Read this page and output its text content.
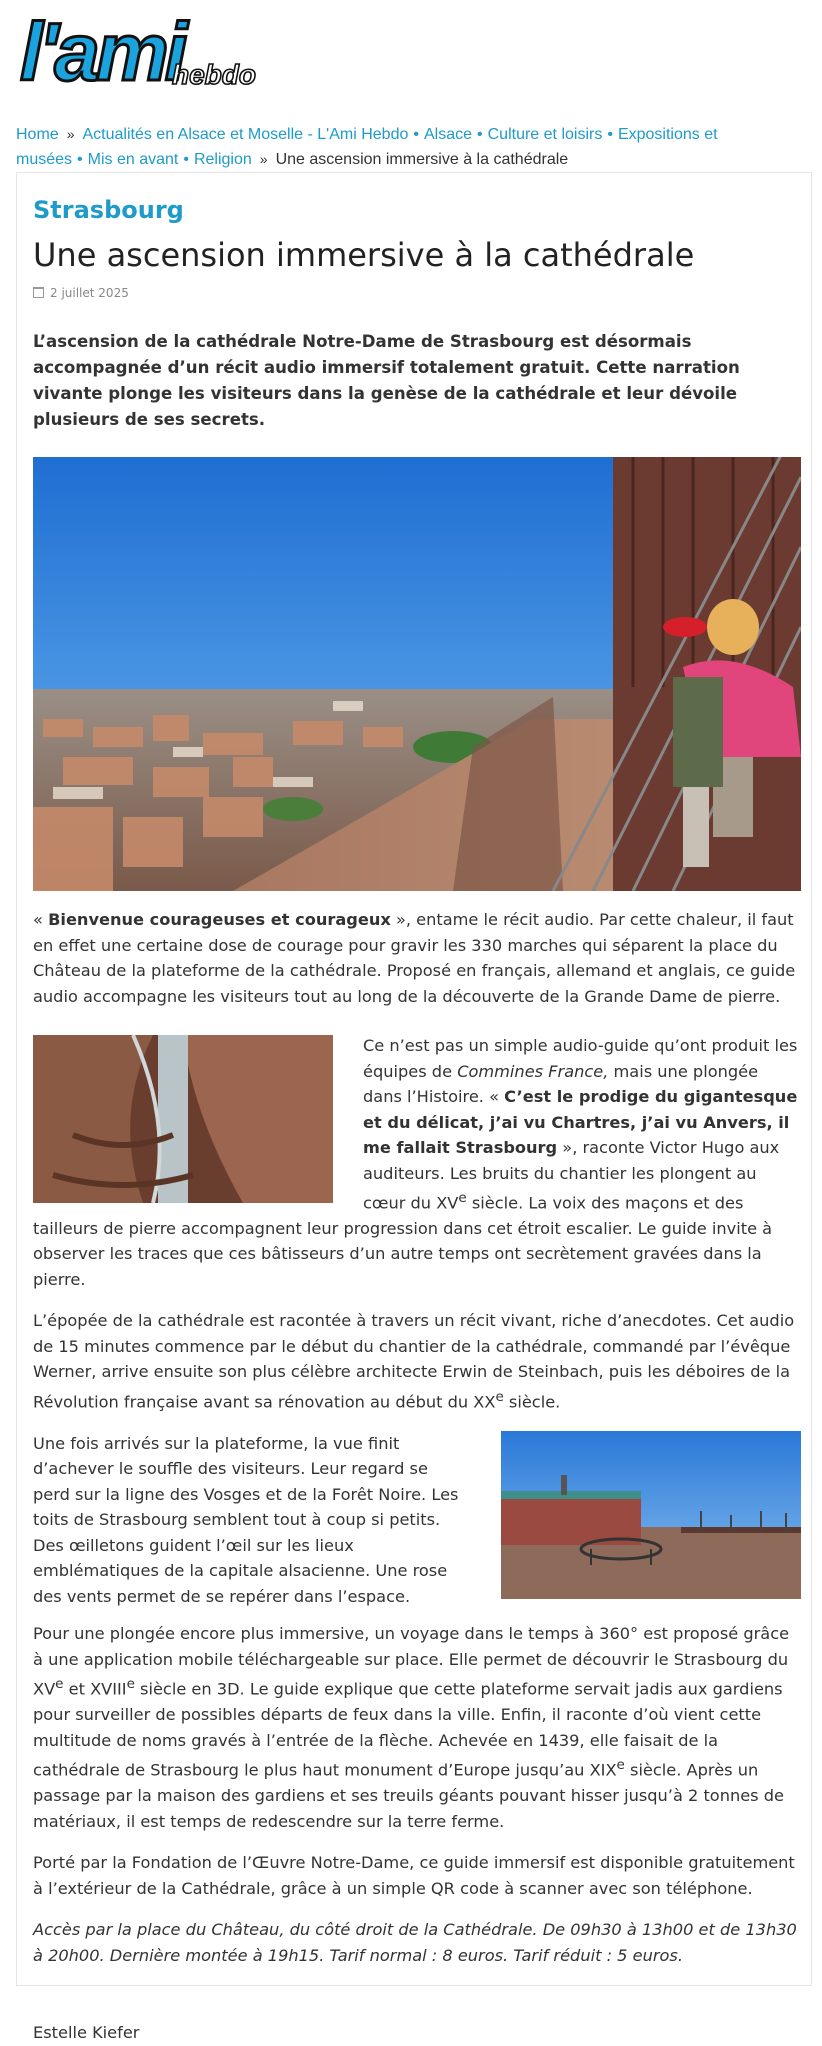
l'ami
hebdo
Home » Actualités en Alsace et Moselle - L'Ami Hebdo • Alsace • Culture et loisirs • Expositions et musées • Mis en avant • Religion » Une ascension immersive à la cathédrale
Strasbourg
Une ascension immersive à la cathédrale
2 juillet 2025

L’ascension de la cathédrale Notre-Dame de Strasbourg est désormais accompagnée d’un récit audio immersif totalement gratuit. Cette narration vivante plonge les visiteurs dans la genèse de la cathédrale et leur dévoile plusieurs de ses secrets.

« Bienvenue courageuses et courageux », entame le récit audio. Par cette chaleur, il faut en effet une certaine dose de courage pour gravir les 330 marches qui séparent la place du Château de la plateforme de la cathédrale. Proposé en français, allemand et anglais, ce guide audio accompagne les visiteurs tout au long de la découverte de la Grande Dame de pierre.

Ce n’est pas un simple audio-guide qu’ont produit les équipes de Commines France, mais une plongée dans l’Histoire. « C’est le prodige du gigantesque et du délicat, j’ai vu Chartres, j’ai vu Anvers, il me fallait Strasbourg », raconte Victor Hugo aux auditeurs. Les bruits du chantier les plongent au cœur du XVe siècle. La voix des maçons et des tailleurs de pierre accompagnent leur progression dans cet étroit escalier. Le guide invite à observer les traces que ces bâtisseurs d’un autre temps ont secrètement gravées dans la pierre.

L’épopée de la cathédrale est racontée à travers un récit vivant, riche d’anecdotes. Cet audio de 15 minutes commence par le début du chantier de la cathédrale, commandé par l’évêque Werner, arrive ensuite son plus célèbre architecte Erwin de Steinbach, puis les déboires de la Révolution française avant sa rénovation au début du XXe siècle.

Une fois arrivés sur la plateforme, la vue finit d’achever le souffle des visiteurs. Leur regard se perd sur la ligne des Vosges et de la Forêt Noire. Les toits de Strasbourg semblent tout à coup si petits. Des œilletons guident l’œil sur les lieux emblématiques de la capitale alsacienne. Une rose des vents permet de se repérer dans l’espace.

Pour une plongée encore plus immersive, un voyage dans le temps à 360° est proposé grâce à une application mobile téléchargeable sur place. Elle permet de découvrir le Strasbourg du XVe et XVIIIe siècle en 3D. Le guide explique que cette plateforme servait jadis aux gardiens pour surveiller de possibles départs de feux dans la ville. Enfin, il raconte d’où vient cette multitude de noms gravés à l’entrée de la flèche. Achevée en 1439, elle faisait de la cathédrale de Strasbourg le plus haut monument d’Europe jusqu’au XIXe siècle. Après un passage par la maison des gardiens et ses treuils géants pouvant hisser jusqu’à 2 tonnes de matériaux, il est temps de redescendre sur la terre ferme.

Porté par la Fondation de l’Œuvre Notre-Dame, ce guide immersif est disponible gratuitement à l’extérieur de la Cathédrale, grâce à un simple QR code à scanner avec son téléphone.

Accès par la place du Château, du côté droit de la Cathédrale. De 09h30 à 13h00 et de 13h30 à 20h00. Dernière montée à 19h15. Tarif normal : 8 euros. Tarif réduit : 5 euros.

Estelle Kiefer
